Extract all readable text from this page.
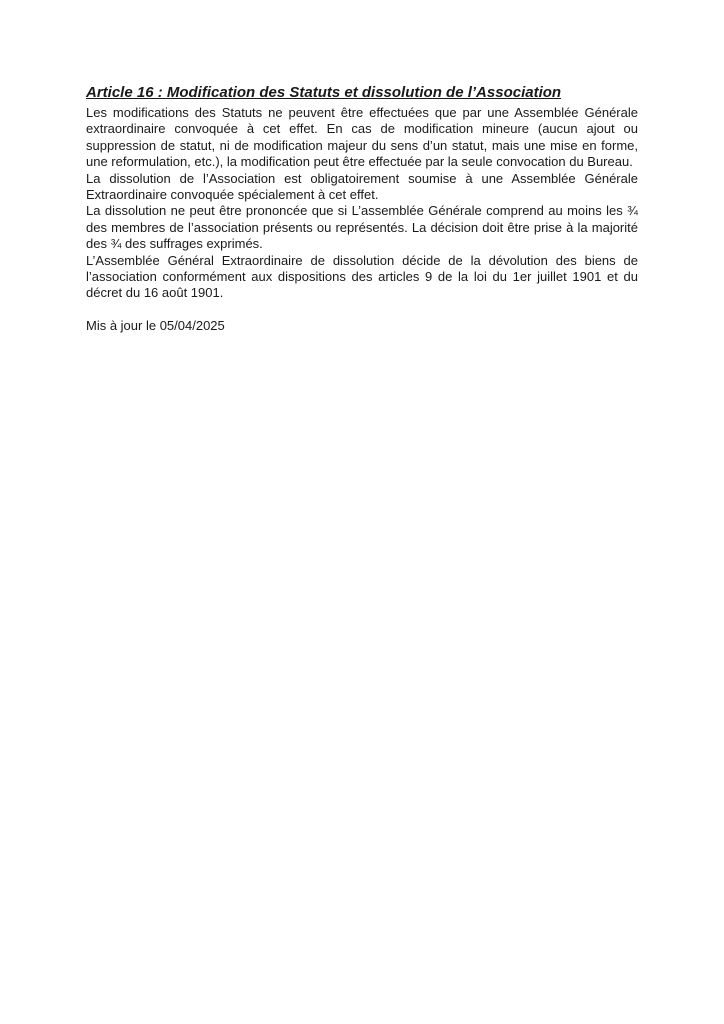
Article 16 : Modification des Statuts et dissolution de l’Association

Les modifications des Statuts ne peuvent être effectuées que par une Assemblée Générale extraordinaire convoquée à cet effet. En cas de modification mineure (aucun ajout ou suppression de statut, ni de modification majeur du sens d’un statut, mais une mise en forme, une reformulation, etc.), la modification peut être effectuée par la seule convocation du Bureau.

La dissolution de l’Association est obligatoirement soumise à une Assemblée Générale Extraordinaire convoquée spécialement à cet effet.

La dissolution ne peut être prononcée que si L’assemblée Générale comprend au moins les ¾ des membres de l’association présents ou représentés. La décision doit être prise à la majorité des ¾ des suffrages exprimés.

L’Assemblée Général Extraordinaire de dissolution décide de la dévolution des biens de l’association conformément aux dispositions des articles 9 de la loi du 1er juillet 1901 et du décret du 16 août 1901.

Mis à jour le 05/04/2025
